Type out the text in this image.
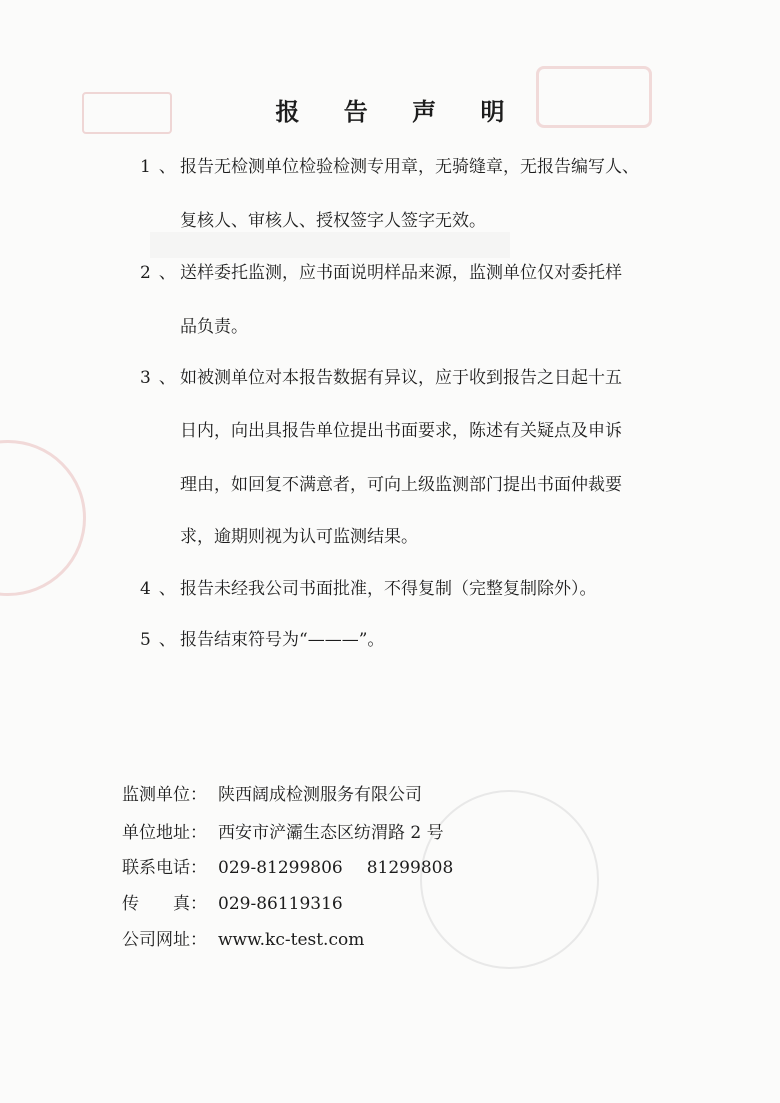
报 告 声 明
1 、 报告无检测单位检验检测专用章，无骑缝章，无报告编写人、
复核人、审核人、授权签字人签字无效。
2 、 送样委托监测，应书面说明样品来源，监测单位仅对委托样
品负责。
3 、 如被测单位对本报告数据有异议，应于收到报告之日起十五
日内，向出具报告单位提出书面要求，陈述有关疑点及申诉
理由，如回复不满意者，可向上级监测部门提出书面仲裁要
求，逾期则视为认可监测结果。
4 、 报告未经我公司书面批准，不得复制（完整复制除外）。
5 、 报告结束符号为“———”。
监测单位： 陕西阔成检测服务有限公司
单位地址： 西安市浐灞生态区纺渭路 2 号
联系电话： 029-81299806 81299808
传　　真： 029-86119316
公司网址： www.kc-test.com
